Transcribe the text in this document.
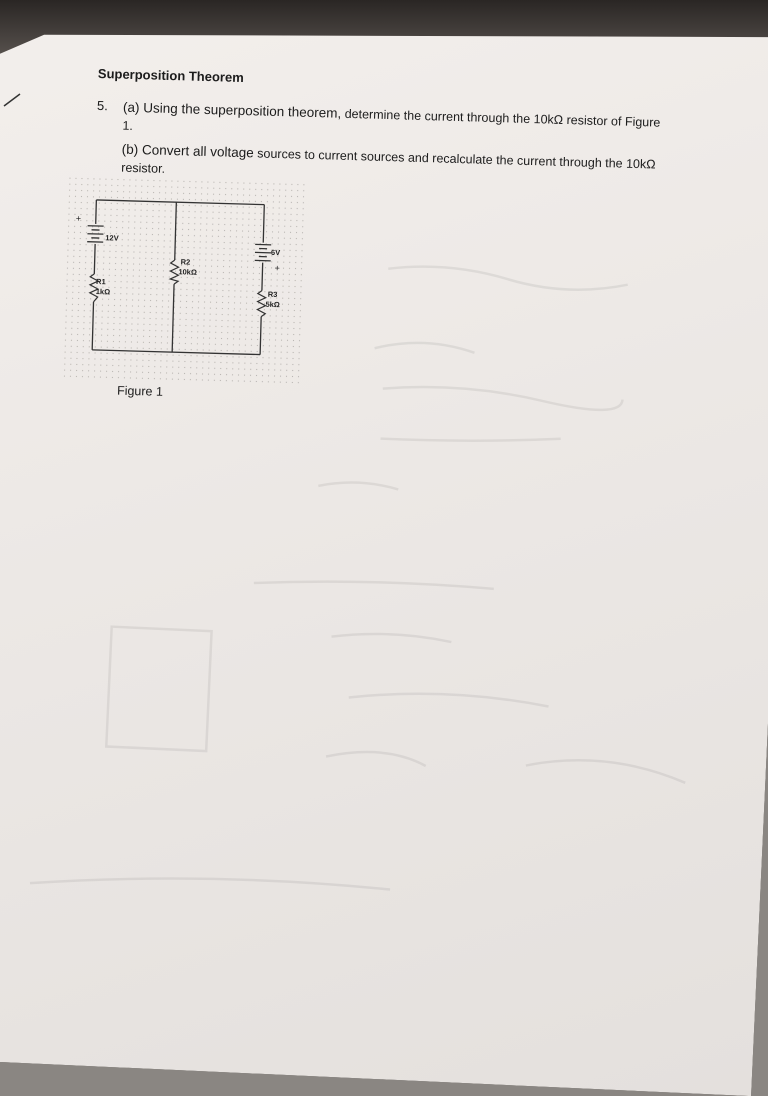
Superposition Theorem
5. (a) Using the superposition theorem, determine the current through the 10kΩ resistor of Figure
1.
(b) Convert all voltage sources to current sources and recalculate the current through the 10kΩ
resistor.
+
12V
R1
1kΩ
R2
10kΩ
6V
+
R3
5kΩ
Figure 1
